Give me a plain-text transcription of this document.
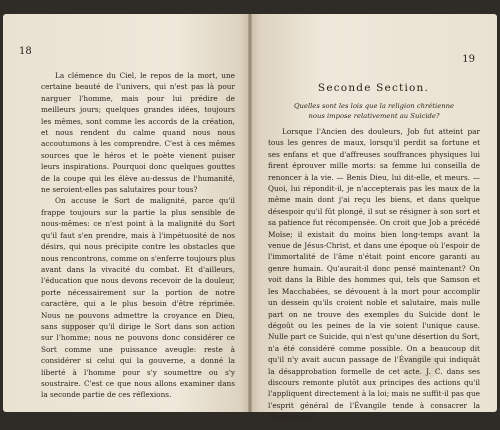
18

La clémence du Ciel, le repos de la mort, une certaine beauté de l'univers, qui n'est pas là pour narguer l'homme, mais pour lui prédire de meilleurs jours; quelques grandes idées, toujours les mêmes, sont comme les accords de la création, et nous rendent du calme quand nous nous accoutumons à les comprendre. C'est à ces mêmes sources que le héros et le poète vienent puiser leurs inspirations. Pourquoi donc quelques gouttes de la coupe qui les élève au-dessus de l'humanité, ne seroient-elles pas salutaires pour tous?

On accuse le Sort de malignité, parce qu'il frappe toujours sur la partie la plus sensible de nous-mêmes: ce n'est point à la malignité du Sort qu'il faut s'en prendre, mais à l'impétuosité de nos désirs, qui nous précipite contre les obstacles que nous rencontrons, comme on s'enferre toujours plus avant dans la vivacité du combat. Et d'ailleurs, l'éducation que nous devons recevoir de la douleur, porte nécessairement sur la portion de notre caractère, qui a le plus besoin d'être réprimée. Nous ne pouvons admettre la croyance en Dieu, sans supposer qu'il dirige le Sort dans son action sur l'homme; nous ne pouvons donc considérer ce Sort comme une puissance aveugle: reste à considérer si celui qui la gouverne, a donné la liberté à l'homme pour s'y soumettre ou s'y soustraire. C'est ce que nous allons examiner dans la seconde partie de ces réflexions.

19
Seconde Section.
Quelles sont les lois que la religion chrétienne nous impose relativement au Suicide?

Lorsque l'Ancien des douleurs, Job fut atteint par tous les genres de maux, lorsqu'il perdit sa fortune et ses enfans et que d'affreuses souffrances physiques lui firent éprouver mille morts: sa femme lui conseilla de renoncer à la vie. — Benis Dieu, lui dit-elle, et meurs. — Quoi, lui répondit-il, je n'accepterais pas les maux de la même main dont j'ai reçu les biens, et dans quelque désespoir qu'il fût plongé, il sut se résigner à son sort et sa patience fut récompensée. On croit que Job a précédé Moïse; il existait du moins bien long-temps avant la venue de Jésus-Christ, et dans une époque où l'espoir de l'immortalité de l'âme n'était point encore garanti au genre humain. Qu'aurait-il donc pensé maintenant? On voit dans la Bible des hommes qui, tels que Samson et les Macchabées, se dévouent à la mort pour accomplir un dessein qu'ils croient noble et salutaire, mais nulle part on ne trouve des exemples du Suicide dont le dégoût ou les peines de la vie soient l'unique cause. Nulle part ce Suicide, qui n'est qu'une désertion du Sort, n'a été considéré comme possible. On a beaucoup dit qu'il n'y avait aucun passage de l'Évangile qui indiquât la désapprobation formelle de cet acte. J. C. dans ses discours remonte plutôt aux principes des actions qu'il l'appliquent directement à la loi; mais ne suffit-il pas que l'esprit général de l'Évangile tende à consacrer la résignation?
